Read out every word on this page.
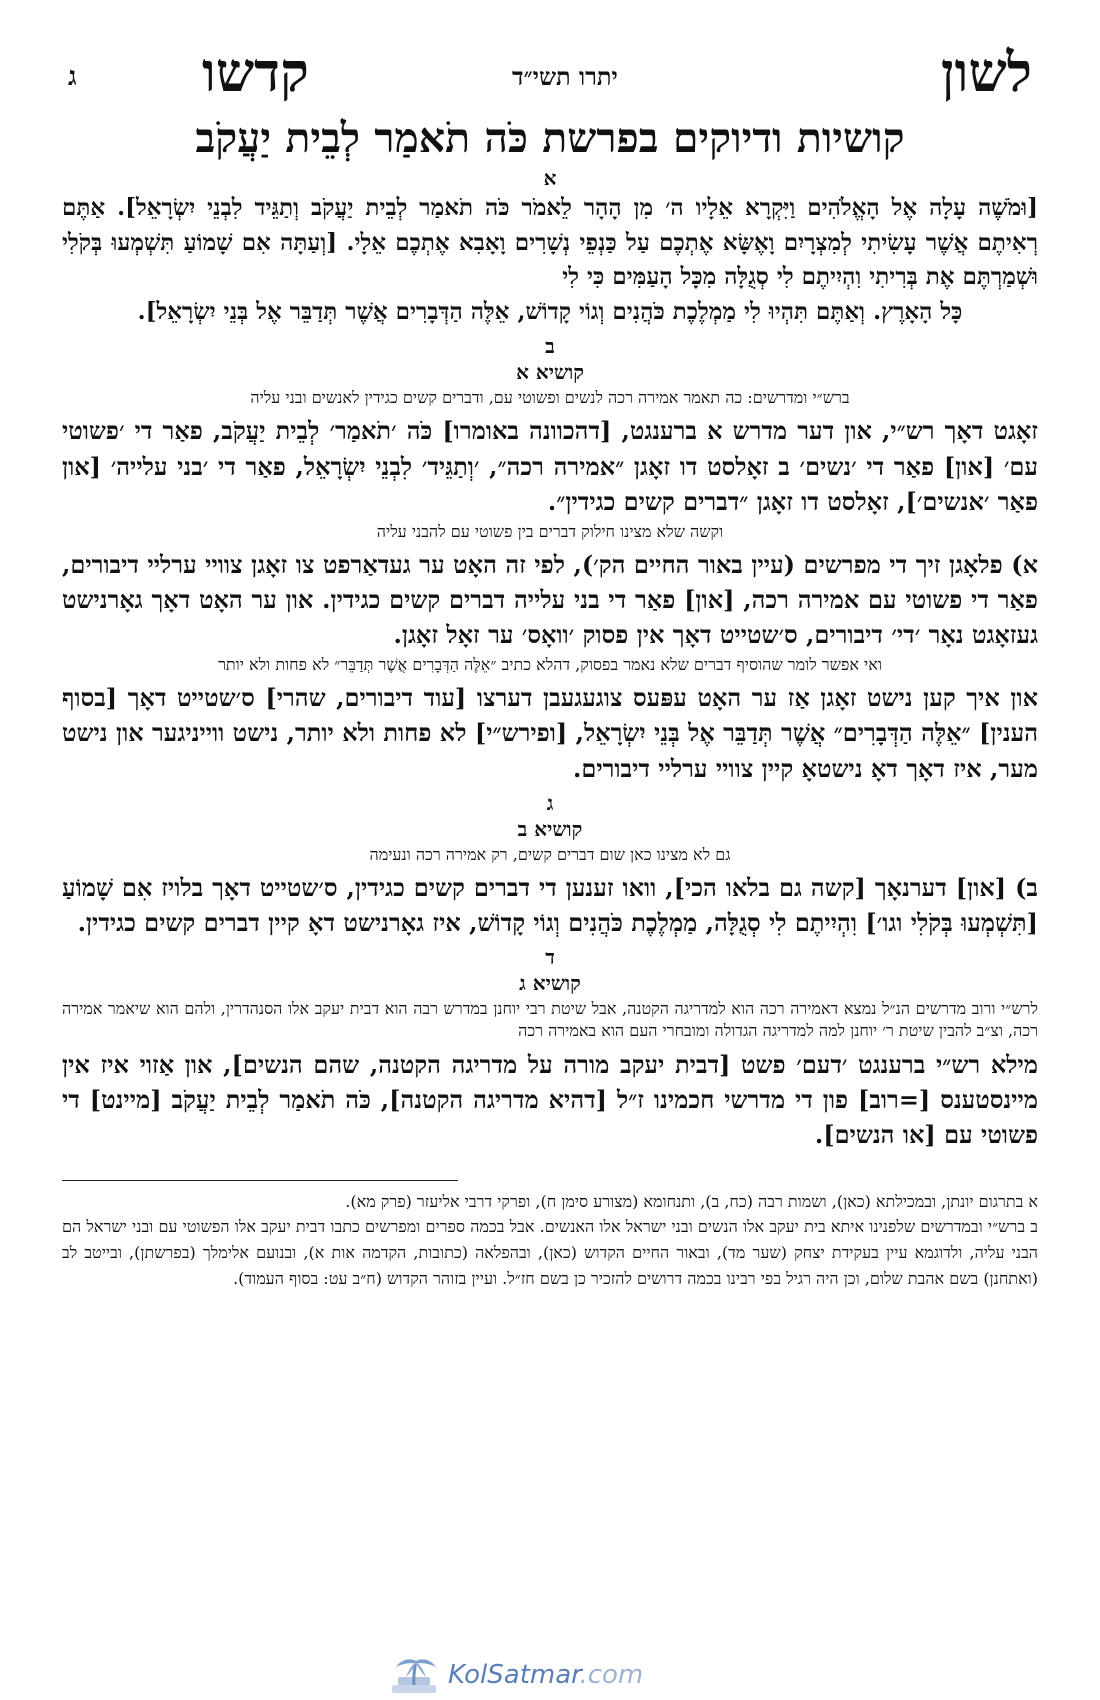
לשון
יתרו תשי״ד
קדשו
ג
קושיות ודיוקים בפרשת כֹּה תֹאמַר לְבֵית יַעֲקֹב
א

[וּמֹשֶׁה עָלָה אֶל הָאֱלֹהִים וַיִּקְרָא אֵלָיו ה׳ מִן הָהָר לֵאמֹר כֹּה תֹאמַר לְבֵית יַעֲקֹב וְתַגֵּיד לִבְנֵי יִשְׂרָאֵל]. אַתֶּם רְאִיתֶם אֲשֶׁר עָשִׂיתִי לְמִצְרָיִם וָאֶשָּׂא אֶתְכֶם עַל כַּנְפֵי נְשָׁרִים וָאָבִא אֶתְכֶם אֵלָי. [וְעַתָּה אִם שָׁמוֹעַ תִּשְׁמְעוּ בְּקֹלִי וּשְׁמַרְתֶּם אֶת בְּרִיתִי וִהְיִיתֶם לִי סְגֻלָּה מִכָּל הָעַמִּים כִּי לִי

כָּל הָאָרֶץ. וְאַתֶּם תִּהְיוּ לִי מַמְלֶכֶת כֹּהֲנִים וְגוֹי קָדוֹשׁ, אֵלֶּה הַדְּבָרִים אֲשֶׁר תְּדַבֵּר אֶל בְּנֵי יִשְׂרָאֵל].

ב
קושיא א
ברש״י ומדרשים: כה תאמר אמירה רכה לנשים ופשוטי עם, ודברים קשים כגידין לאנשים ובני עליה

זאָגט דאָך רש״י, און דער מדרש א ברענגט, [דהכוונה באומרו] כֹּה ׳תֹאמַר׳ לְבֵית יַעֲקֹב, פאַר די ׳פשוטי עם׳ [און] פאַר די ׳נשים׳ ב זאָלסט דו זאָגן ״אמירה רכה״, ׳וְתַגֵּיד׳ לִבְנֵי יִשְׂרָאֵל, פאַר די ׳בני עלייה׳ [און פאַר ׳אנשים׳], זאָלסט דו זאָגן ״דברים קשים כגידין״.

וקשה שלא מצינו חילוק דברים בין פשוטי עם להבני עליה

א) פלאָגן זיך די מפרשים (עיין באור החיים הק׳), לפי זה האָט ער געדאַרפט צו זאָגן צוויי ערליי דיבורים, פאַר די פשוטי עם אמירה רכה, [און] פאַר די בני עלייה דברים קשים כגידין. און ער האָט דאָך גאָרנישט געזאָגט נאָר ׳די׳ דיבורים, ס׳שטייט דאָך אין פסוק ׳וואָס׳ ער זאָל זאָגן.

ואי אפשר לומר שהוסיף דברים שלא נאמר בפסוק, דהלא כתיב ״אֵלֶּה הַדְּבָרִים אֲשֶׁר תְּדַבֵּר״ לא פחות ולא יותר

און איך קען נישט זאָגן אַז ער האָט עפּעס צוגעגעבן דערצו [עוד דיבורים, שהרי] ס׳שטייט דאָך [בסוף הענין] ״אֵלֶּה הַדְּבָרִים״ אֲשֶׁר תְּדַבֵּר אֶל בְּנֵי יִשְׂרָאֵל, [ופירש״י] לא פחות ולא יותר, נישט ווייניגער און נישט מער, איז דאָך דאָ נישטאָ קיין צוויי ערליי דיבורים.

ג
קושיא ב
גם לא מצינו כאן שום דברים קשים, רק אמירה רכה ונעימה

ב) [און] דערנאָך [קשה גם בלאו הכי], וואו זענען די דברים קשים כגידין, ס׳שטייט דאָך בלויז אִם שָׁמוֹעַ [תִּשְׁמְעוּ בְּקֹלִי וגו׳] וִהְיִיתֶם לִי סְגֻלָּה, מַמְלֶכֶת כֹּהֲנִים וְגוֹי קָדוֹשׁ, איז גאָרנישט דאָ קיין דברים קשים כגידין.

ד
קושיא ג
לרש״י ורוב מדרשים הנ״ל נמצא דאמירה רכה הוא למדריגה הקטנה, אבל שיטת רבי יוחנן במדרש רבה הוא דבית יעקב אלו הסנהדרין, ולהם הוא שיאמר אמירה רכה, וצ״ב להבין שיטת ר׳ יוחנן למה למדריגה הגדולה ומובחרי העם הוא באמירה רכה

מילא רש״י ברענגט ׳דעם׳ פשט [דבית יעקב מורה על מדריגה הקטנה, שהם הנשים], און אַזוי איז אין מיינסטענס [=רוב] פון די מדרשי חכמינו ז״ל [דהיא מדריגה הקטנה], כֹּה תֹאמַר לְבֵית יַעֲקֹב [מיינט] די פשוטי עם [או הנשים].

א בתרגום יונתן, ובמכילתא (כאן), ושמות רבה (כח, ב), ותנחומא (מצורע סימן ח), ופרקי דרבי אליעזר (פרק מא).

ב ברש״י ובמדרשים שלפנינו איתא בית יעקב אלו הנשים ובני ישראל אלו האנשים. אבל בכמה ספרים ומפרשים כתבו דבית יעקב אלו הפשוטי עם ובני ישראל הם הבני עליה, ולדוגמא עיין בעקידת יצחק (שער מד), ובאור החיים הקדוש (כאן), ובהפלאה (כתובות, הקדמה אות א), ובנועם אלימלך (בפרשתן), ובייטב לב (ואתחנן) בשם אהבת שלום, וכן היה רגיל בפי רבינו בכמה דרושים להזכיר כן בשם חז״ל. ועיין בזוהר הקדוש (ח״ב עט: בסוף העמוד).

KolSatmar.com
